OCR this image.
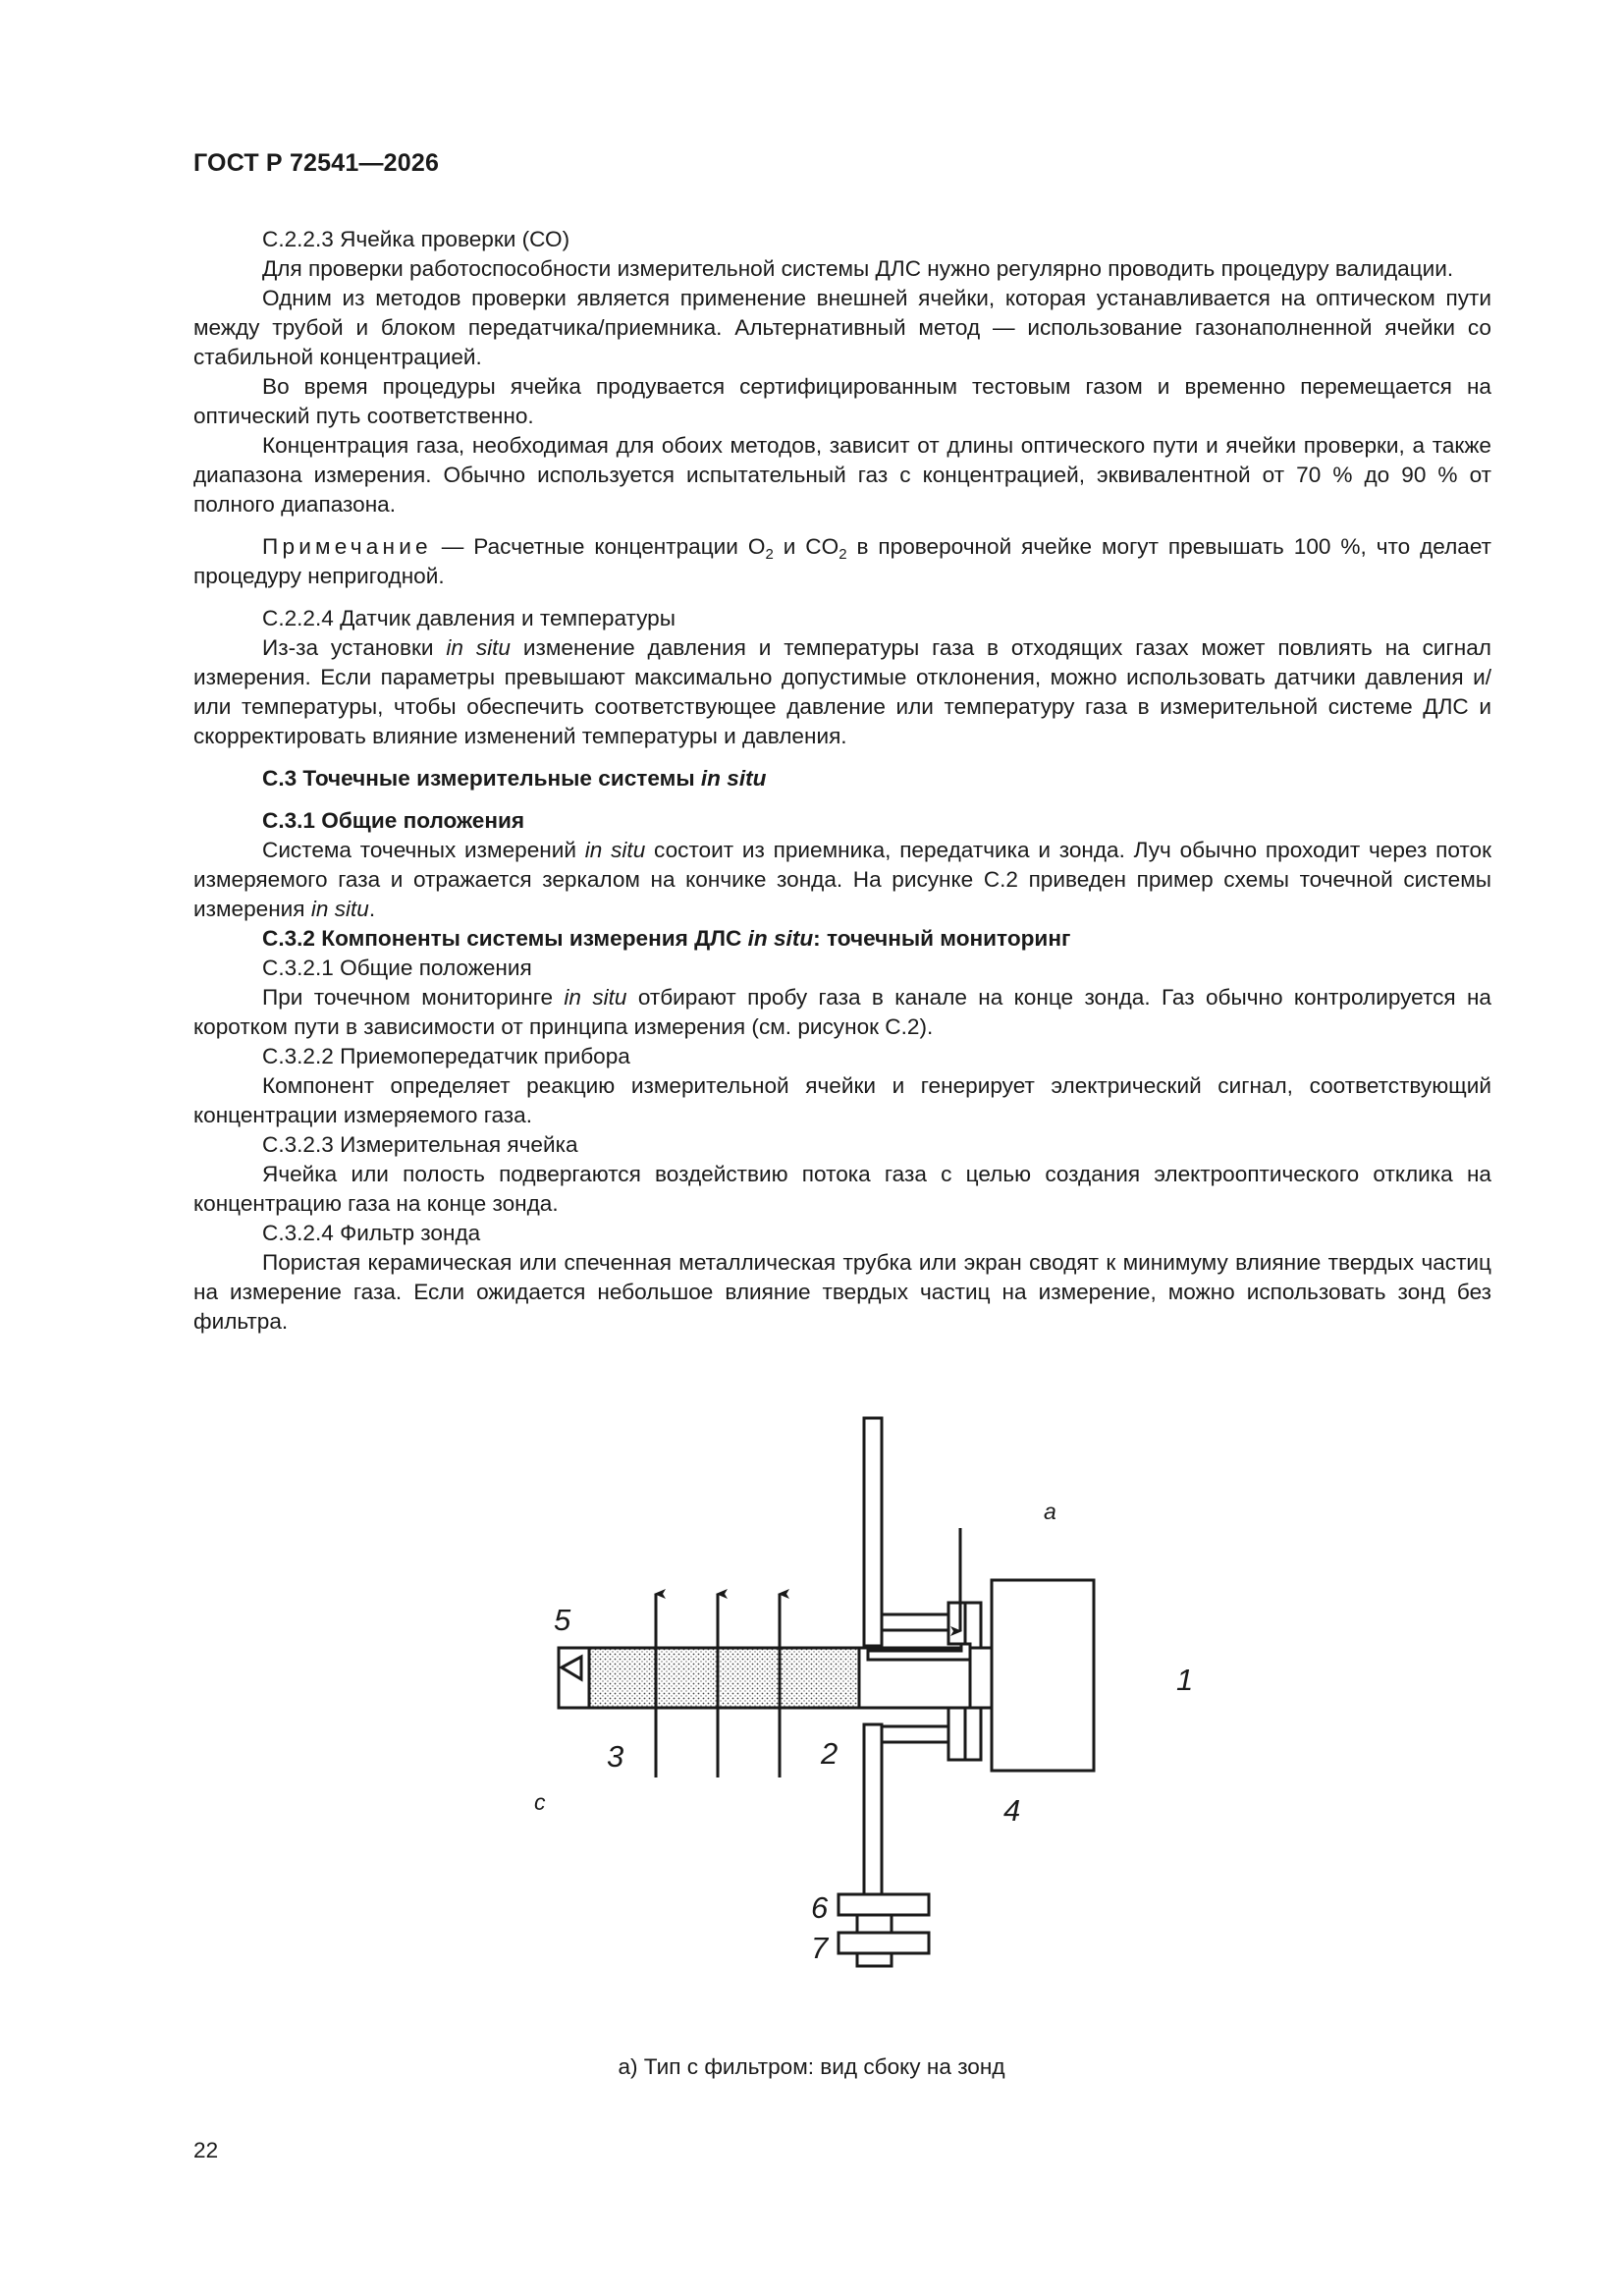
ГОСТ Р 72541—2026

С.2.2.3 Ячейка проверки (СО)

Для проверки работоспособности измерительной системы ДЛС нужно регулярно проводить процедуру валидации.

Одним из методов проверки является применение внешней ячейки, которая устанавливается на оптическом пути между трубой и блоком передатчика/приемника. Альтернативный метод — использование газонаполненной ячейки со стабильной концентрацией.

Во время процедуры ячейка продувается сертифицированным тестовым газом и временно перемещается на оптический путь соответственно.

Концентрация газа, необходимая для обоих методов, зависит от длины оптического пути и ячейки проверки, а также диапазона измерения. Обычно используется испытательный газ с концентрацией, эквивалентной от 70 % до 90 % от полного диапазона.

Примечание — Расчетные концентрации $O_2$ и $CO_2$ в проверочной ячейке могут превышать 100 %, что делает процедуру непригодной.

С.2.2.4 Датчик давления и температуры

Из-за установки in situ изменение давления и температуры газа в отходящих газах может повлиять на сигнал измерения. Если параметры превышают максимально допустимые отклонения, можно использовать датчики давления и/или температуры, чтобы обеспечить соответствующее давление или температуру газа в измерительной системе ДЛС и скорректировать влияние изменений температуры и давления.

С.3 Точечные измерительные системы in situ

С.3.1 Общие положения

Система точечных измерений in situ состоит из приемника, передатчика и зонда. Луч обычно проходит через поток измеряемого газа и отражается зеркалом на кончике зонда. На рисунке С.2 приведен пример схемы точечной системы измерения in situ.

С.3.2 Компоненты системы измерения ДЛС in situ: точечный мониторинг

С.3.2.1 Общие положения

При точечном мониторинге in situ отбирают пробу газа в канале на конце зонда. Газ обычно контролируется на коротком пути в зависимости от принципа измерения (см. рисунок С.2).

С.3.2.2 Приемопередатчик прибора

Компонент определяет реакцию измерительной ячейки и генерирует электрический сигнал, соответствующий концентрации измеряемого газа.

С.3.2.3 Измерительная ячейка

Ячейка или полость подвергаются воздействию потока газа с целью создания электрооптического отклика на концентрацию газа на конце зонда.

С.3.2.4 Фильтр зонда

Пористая керамическая или спеченная металлическая трубка или экран сводят к минимуму влияние твердых частиц на измерение газа. Если ожидается небольшое влияние твердых частиц на измерение, можно использовать зонд без фильтра.

5
3	2
1
4
6
7
a
c
а) Тип с фильтром: вид сбоку на зонд
22
